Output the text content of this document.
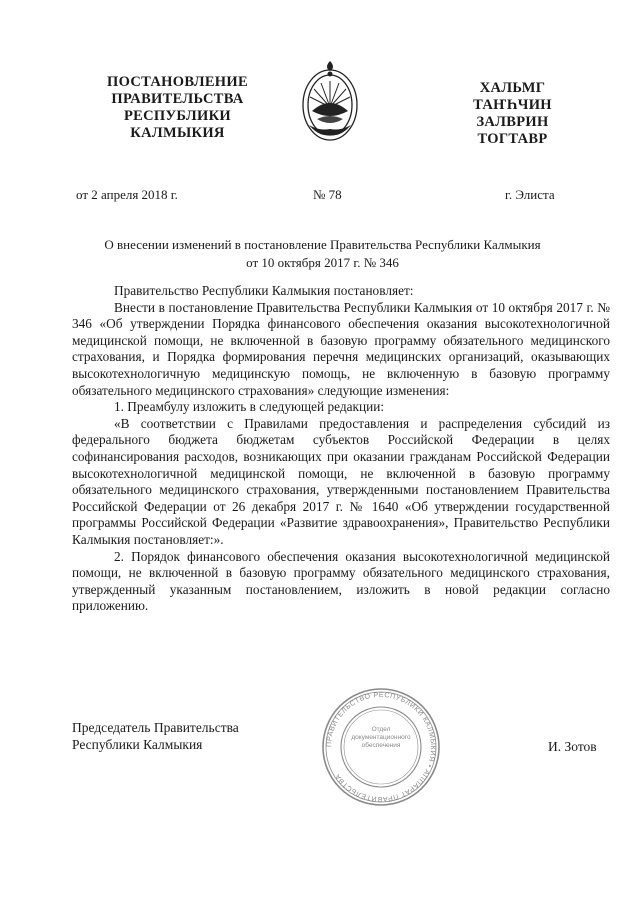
ПОСТАНОВЛЕНИЕ
ПРАВИТЕЛЬСТВА
РЕСПУБЛИКИ
КАЛМЫКИЯ
ХАЛЬМГ
ТАҤҺЧИН
ЗАЛВРИН
ТОГТАВР
от 2 апреля 2018 г.	№ 78	г. Элиста
О внесении изменений в постановление Правительства Республики Калмыкия
от 10 октября 2017 г. № 346

Правительство Республики Калмыкия постановляет:

Внести в постановление Правительства Республики Калмыкия от 10 октября 2017 г. № 346 «Об утверждении Порядка финансового обеспечения оказания высокотехнологичной медицинской помощи, не включенной в базовую программу обязательного медицинского страхования, и Порядка формирования перечня медицинских организаций, оказывающих высокотехнологичную медицинскую помощь, не включенную в базовую программу обязательного медицинского страхования» следующие изменения:

1. Преамбулу изложить в следующей редакции:

«В соответствии с Правилами предоставления и распределения субсидий из федерального бюджета бюджетам субъектов Российской Федерации в целях софинансирования расходов, возникающих при оказании гражданам Российской Федерации высокотехнологичной медицинской помощи, не включенной в базовую программу обязательного медицинского страхования, утвержденными постановлением Правительства Российской Федерации от 26 декабря 2017 г. № 1640 «Об утверждении государственной программы Российской Федерации «Развитие здравоохранения», Правительство Республики Калмыкия постановляет:».

2. Порядок финансового обеспечения оказания высокотехнологичной медицинской помощи, не включенной в базовую программу обязательного медицинского страхования, утвержденный указанным постановлением, изложить в новой редакции согласно приложению.

Председатель Правительства
Республики Калмыкия	ПРАВИТЕЛЬСТВО РЕСПУБЛИКИ КАЛМЫКИЯ • АППАРАТ ПРАВИТЕЛЬСТВА
Отдел документационного обеспечения	И. Зотов
